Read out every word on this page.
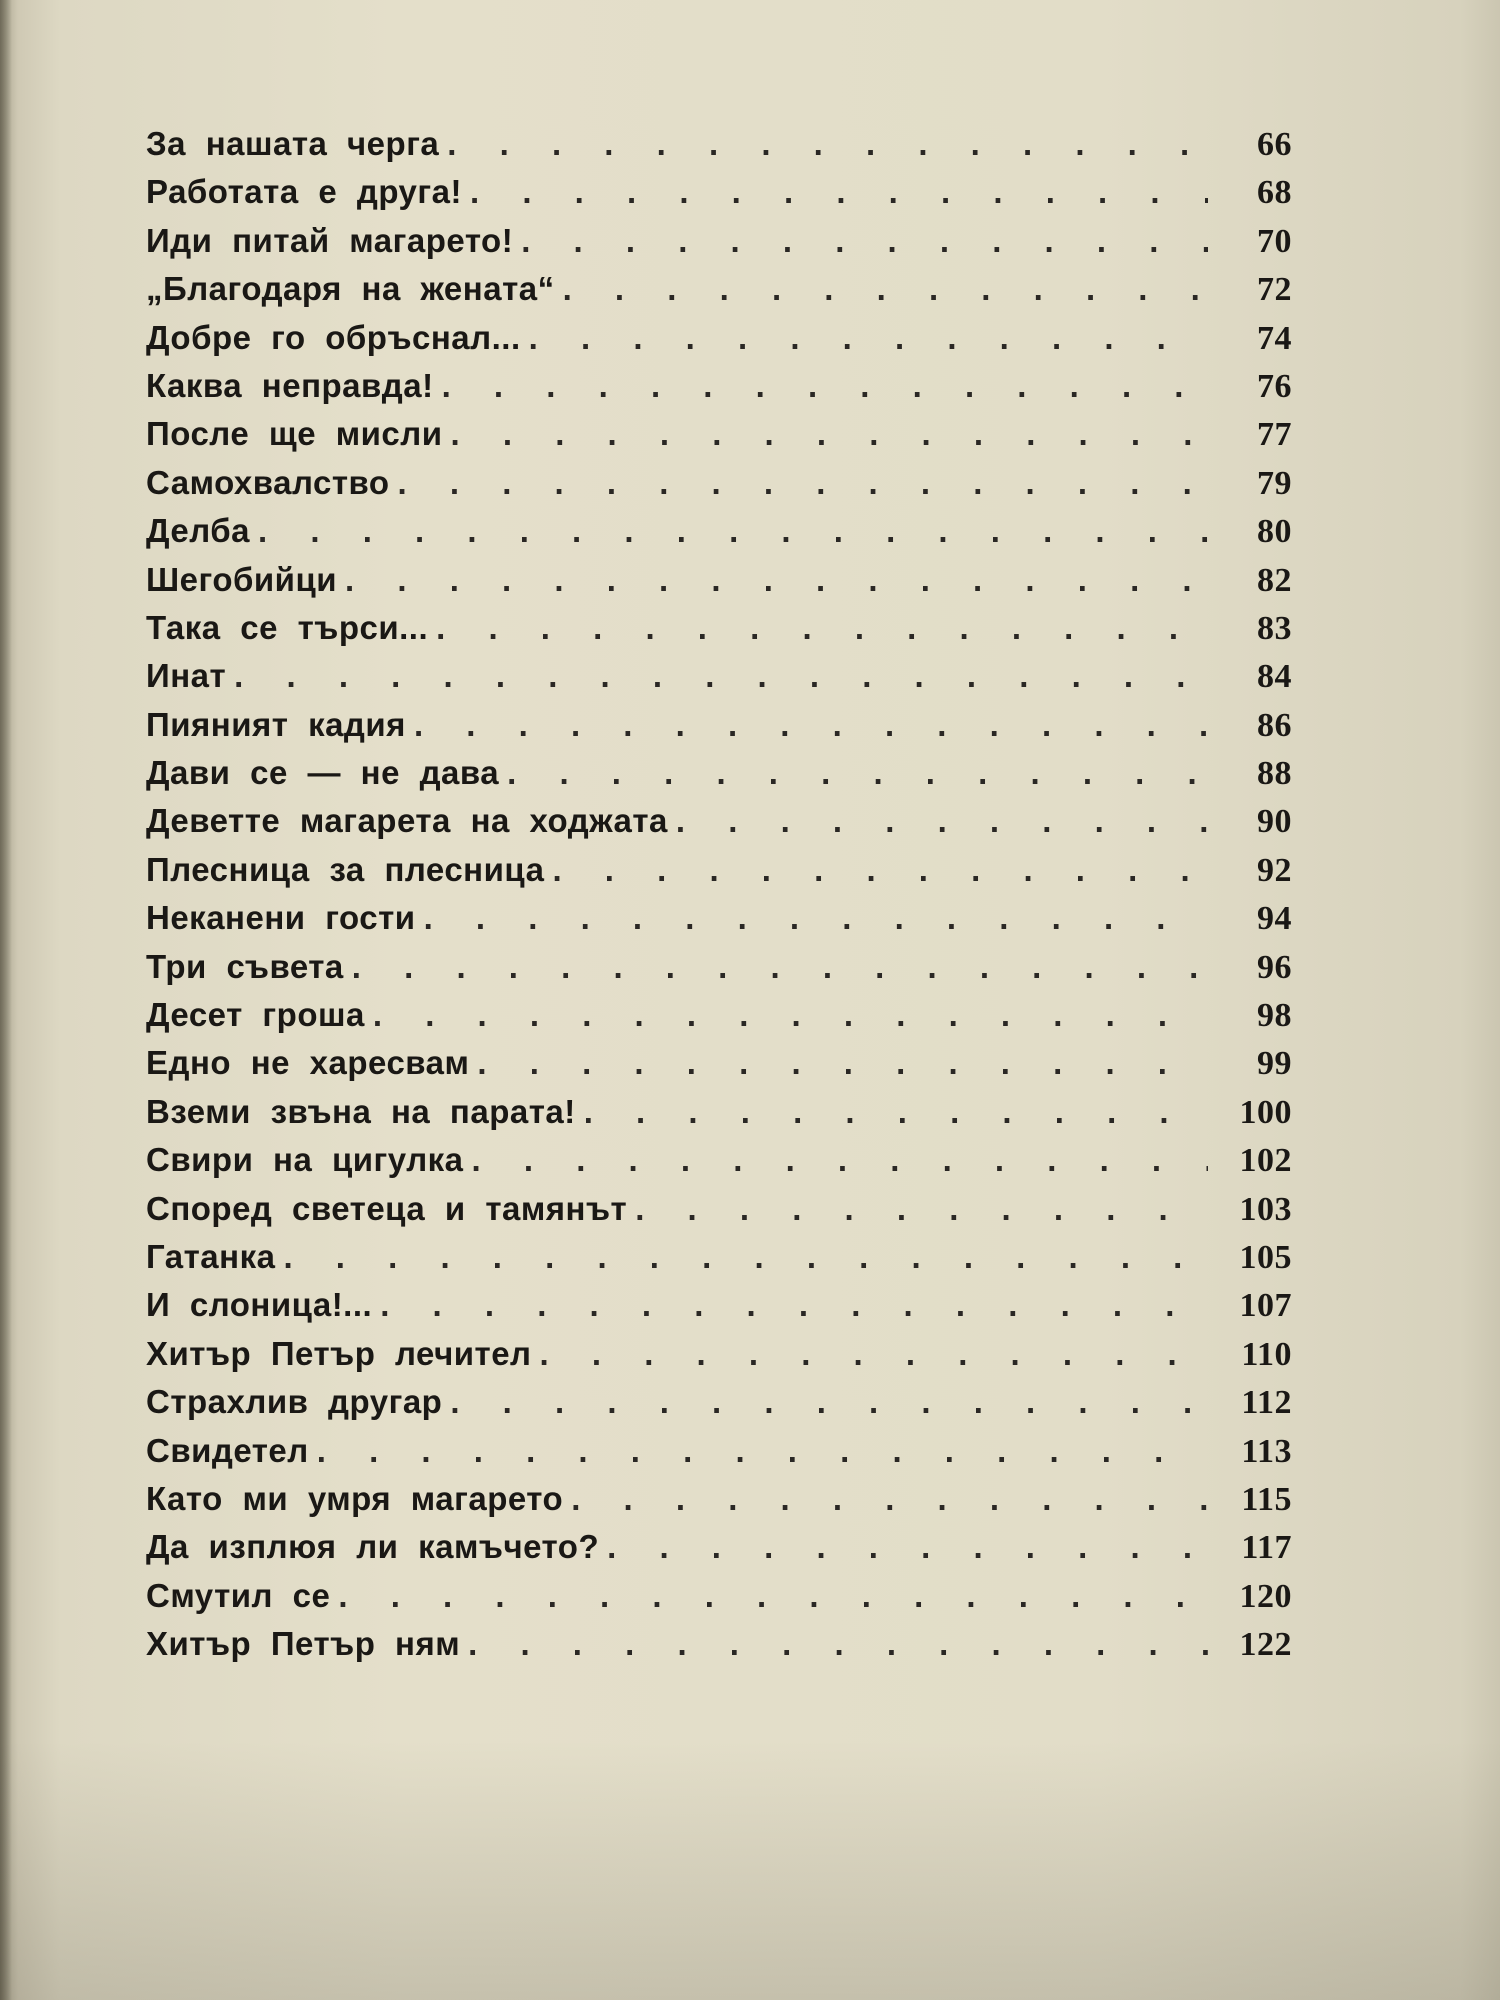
За нашата черга . . .	66
Работата е друга! . . .	68
Иди питай магарето! . . .	70
„Благодаря на жената“ . . .	72
Добре го обръснал... . . .	74
Каква неправда! . . .	76
После ще мисли . . .	77
Самохвалство . . .	79
Делба . . .	80
Шегобийци . . .	82
Така се търси... . . .	83
Инат . . .	84
Пияният кадия . . .	86
Дави се — не дава . . .	88
Деветте магарета на ходжата . . .	90
Плесница за плесница . . .	92
Неканени гости . . .	94
Три съвета . . .	96
Десет гроша . . .	98
Едно не харесвам . . .	99
Вземи звъна на парата! . . .	100
Свири на цигулка . . .	102
Според светеца и тамянът . . .	103
Гатанка . . .	105
И слоница!... . . .	107
Хитър Петър лечител . . .	110
Страхлив другар . . .	112
Свидетел . . .	113
Като ми умря магарето . . .	115
Да изплюя ли камъчето? . . .	117
Смутил се . . .	120
Хитър Петър ням . . .	122
